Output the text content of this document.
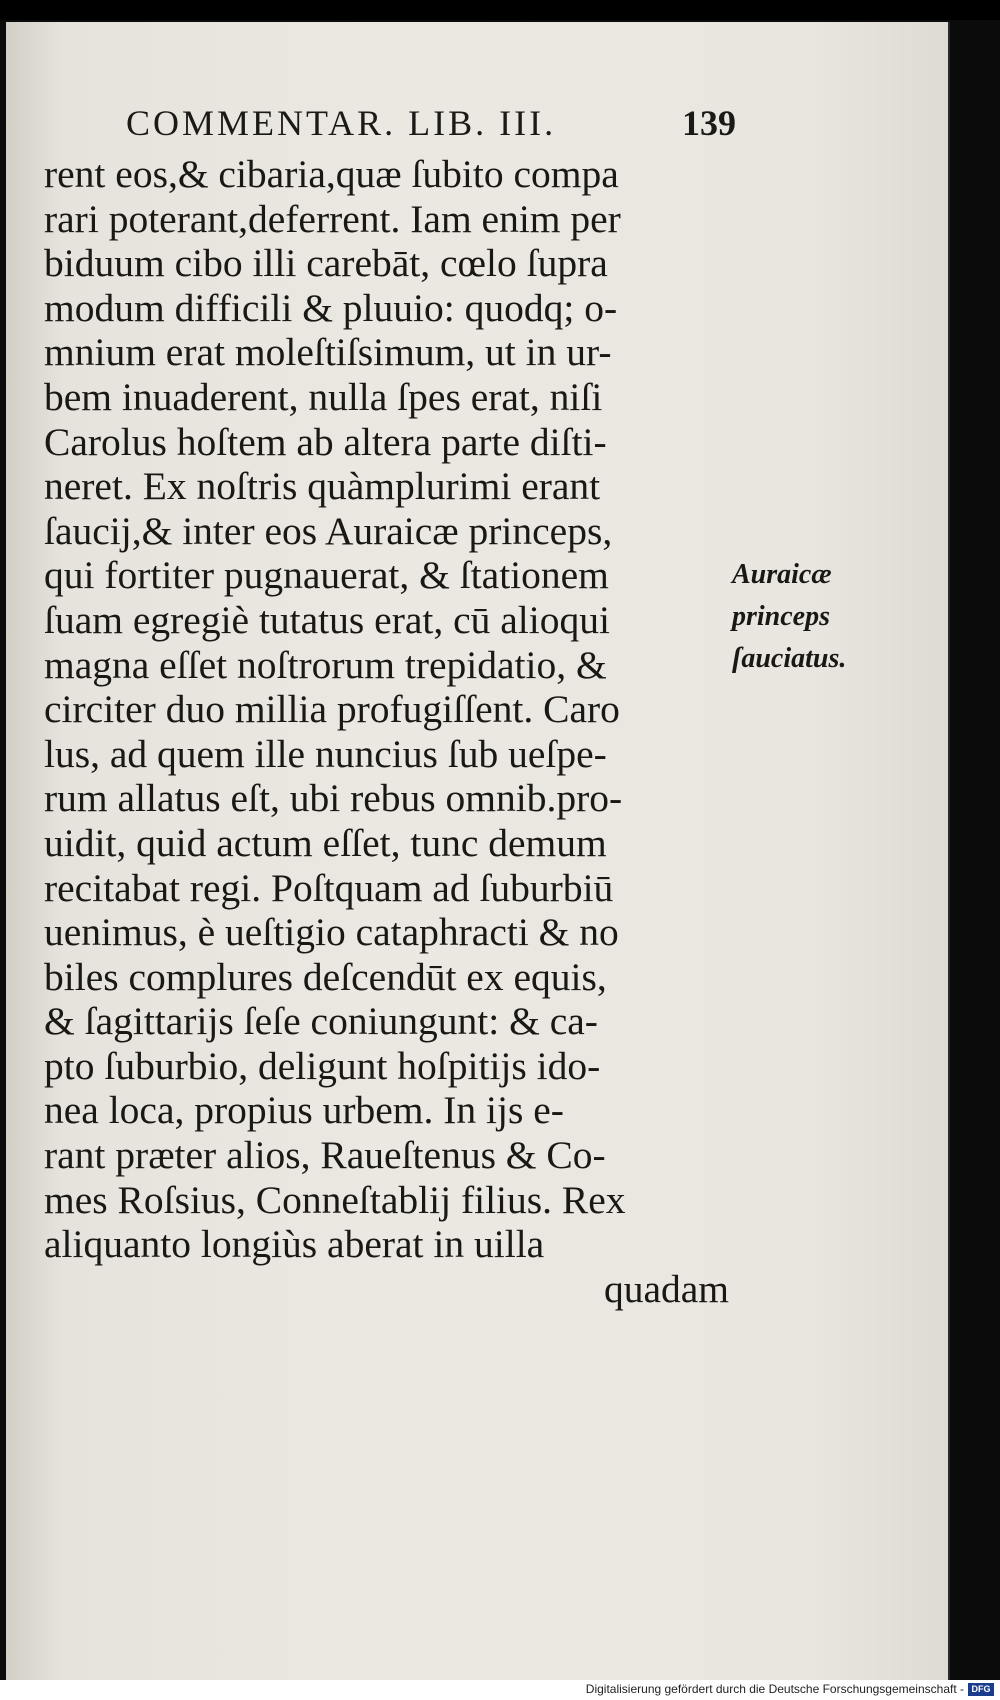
COMMENTAR. LIB. III.	139
rent eos,& cibaria,quæ ſubito compa
rari poterant,deferrent. Iam enim per
biduum cibo illi carebāt, cœlo ſupra
modum difficili & pluuio: quodq; o-
mnium erat moleſtiſsimum, ut in ur-
bem inuaderent, nulla ſpes erat, niſi
Carolus hoſtem ab altera parte diſti-
neret. Ex noſtris quàmplurimi erant
ſaucij,& inter eos Auraicæ princeps,
qui fortiter pugnauerat, & ſtationem
ſuam egregiè tutatus erat, cū alioqui
magna eſſet noſtrorum trepidatio, &
circiter duo millia profugiſſent. Caro
lus, ad quem ille nuncius ſub ueſpe-
rum allatus eſt, ubi rebus omnib.pro-
uidit, quid actum eſſet, tunc demum
recitabat regi. Poſtquam ad ſuburbiū
uenimus, è ueſtigio cataphracti & no
biles complures deſcendūt ex equis,
& ſagittarijs ſeſe coniungunt: & ca-
pto ſuburbio, deligunt hoſpitijs ido-
nea loca, propius urbem. In ijs e-
rant præter alios, Raueſtenus & Co-
mes Roſsius, Conneſtablij filius. Rex
aliquanto longiùs aberat in uilla
quadam
Auraicæ
princeps
ſauciatus.
Digitalisierung gefördert durch die Deutsche Forschungsgemeinschaft - DFG
